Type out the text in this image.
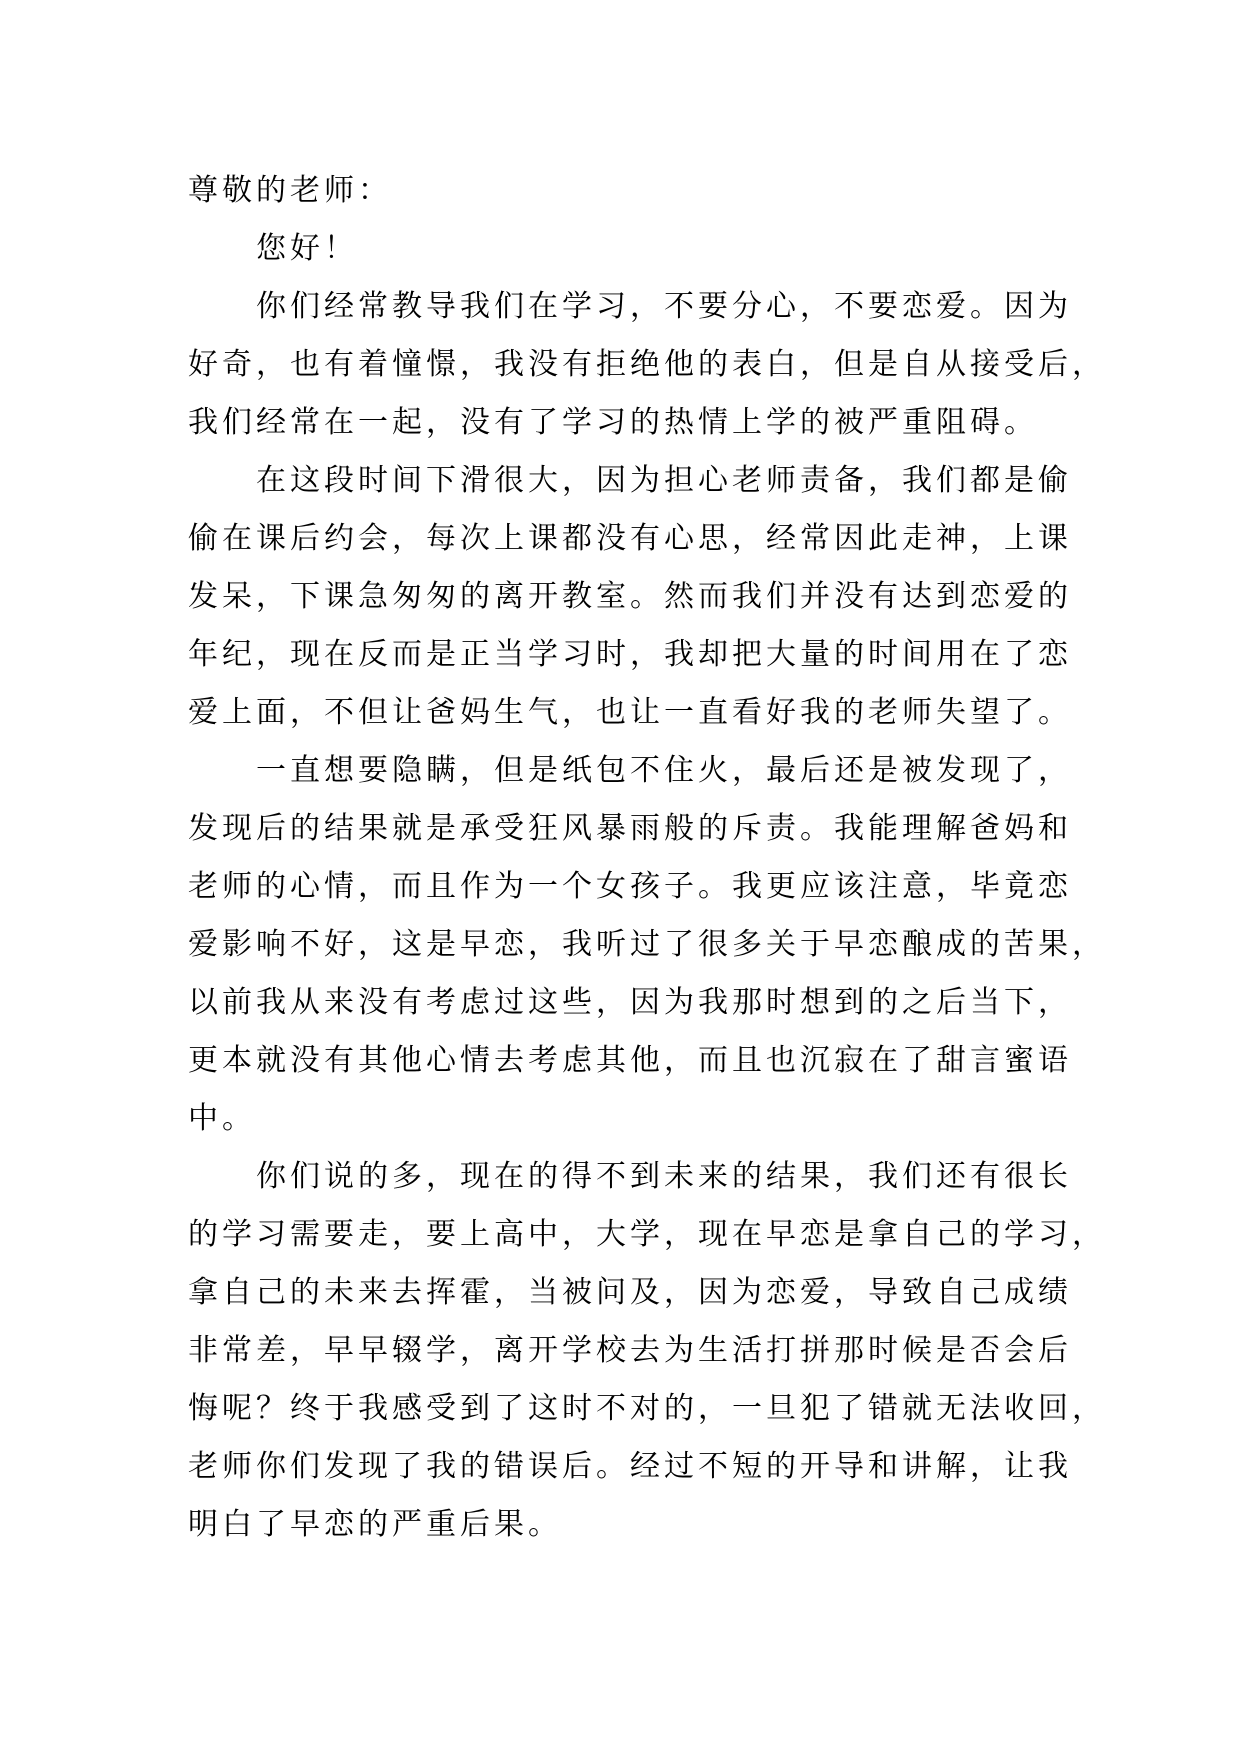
尊敬的老师：
您好！
你们经常教导我们在学习，不要分心，不要恋爱。因为
好奇，也有着憧憬，我没有拒绝他的表白，但是自从接受后，
我们经常在一起，没有了学习的热情上学的被严重阻碍。
在这段时间下滑很大，因为担心老师责备，我们都是偷
偷在课后约会，每次上课都没有心思，经常因此走神，上课
发呆，下课急匆匆的离开教室。然而我们并没有达到恋爱的
年纪，现在反而是正当学习时，我却把大量的时间用在了恋
爱上面，不但让爸妈生气，也让一直看好我的老师失望了。
一直想要隐瞒，但是纸包不住火，最后还是被发现了，
发现后的结果就是承受狂风暴雨般的斥责。我能理解爸妈和
老师的心情，而且作为一个女孩子。我更应该注意，毕竟恋
爱影响不好，这是早恋，我听过了很多关于早恋酿成的苦果，
以前我从来没有考虑过这些，因为我那时想到的之后当下，
更本就没有其他心情去考虑其他，而且也沉寂在了甜言蜜语
中。
你们说的多，现在的得不到未来的结果，我们还有很长
的学习需要走，要上高中，大学，现在早恋是拿自己的学习，
拿自己的未来去挥霍，当被问及，因为恋爱，导致自己成绩
非常差，早早辍学，离开学校去为生活打拼那时候是否会后
悔呢？终于我感受到了这时不对的，一旦犯了错就无法收回，
老师你们发现了我的错误后。经过不短的开导和讲解，让我
明白了早恋的严重后果。
